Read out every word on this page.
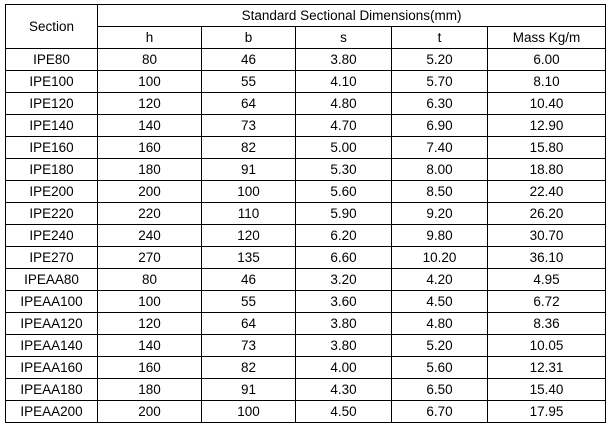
Section	Standard Sectional Dimensions(mm)				
	h	b	s	t	Mass Kg/m
IPE80	80	46	3.80	5.20	6.00
IPE100	100	55	4.10	5.70	8.10
IPE120	120	64	4.80	6.30	10.40
IPE140	140	73	4.70	6.90	12.90
IPE160	160	82	5.00	7.40	15.80
IPE180	180	91	5.30	8.00	18.80
IPE200	200	100	5.60	8.50	22.40
IPE220	220	110	5.90	9.20	26.20
IPE240	240	120	6.20	9.80	30.70
IPE270	270	135	6.60	10.20	36.10
IPEAA80	80	46	3.20	4.20	4.95
IPEAA100	100	55	3.60	4.50	6.72
IPEAA120	120	64	3.80	4.80	8.36
IPEAA140	140	73	3.80	5.20	10.05
IPEAA160	160	82	4.00	5.60	12.31
IPEAA180	180	91	4.30	6.50	15.40
IPEAA200	200	100	4.50	6.70	17.95
